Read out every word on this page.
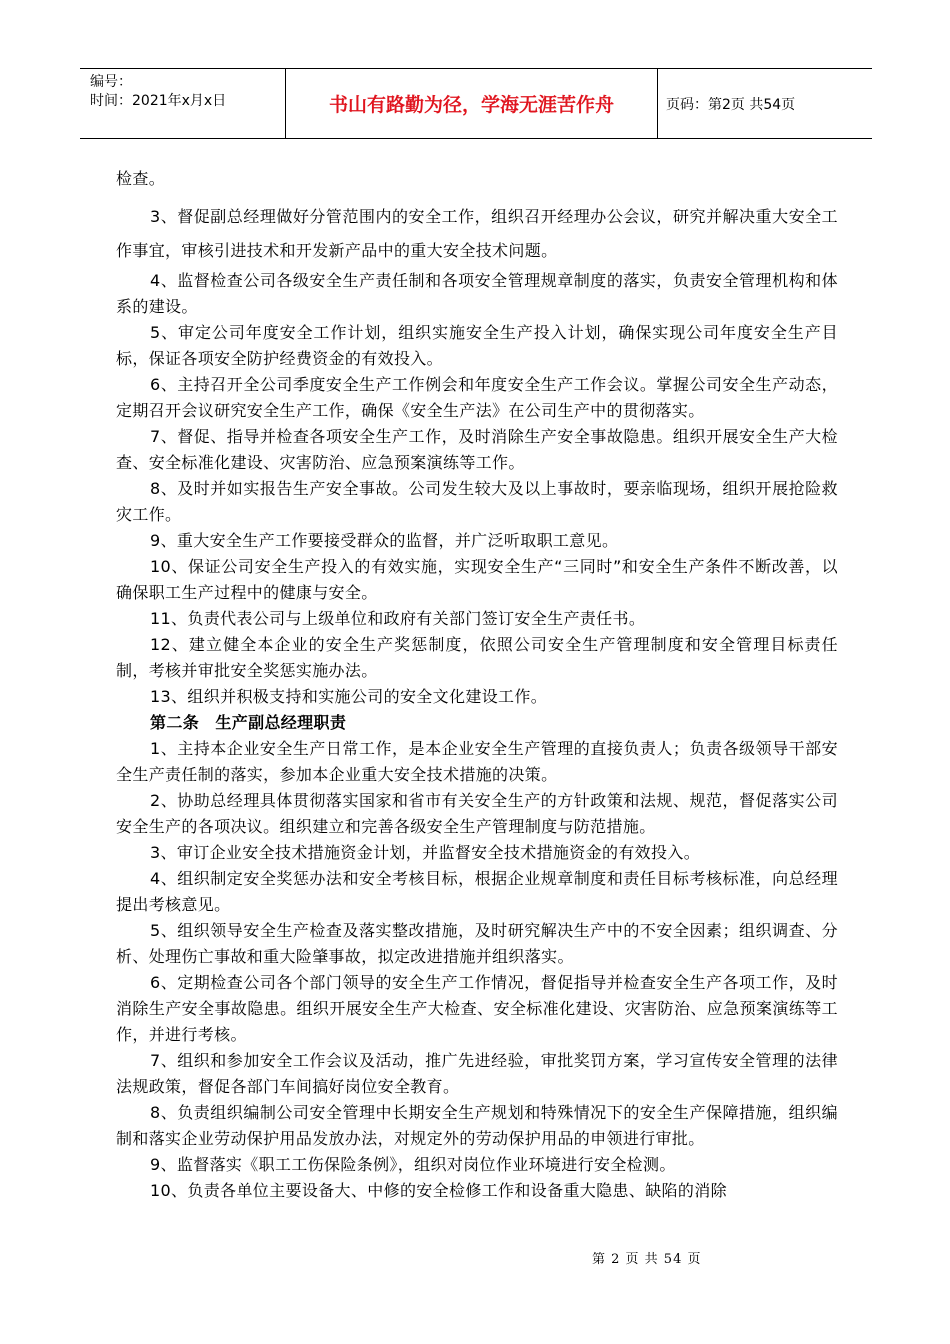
编号：
时间：2021年x月x日	书山有路勤为径，学海无涯苦作舟	页码：第2页 共54页

检查。

3、督促副总经理做好分管范围内的安全工作，组织召开经理办公会议，研究并解决重大安全工作事宜，审核引进技术和开发新产品中的重大安全技术问题。

4、监督检查公司各级安全生产责任制和各项安全管理规章制度的落实，负责安全管理机构和体系的建设。

5、审定公司年度安全工作计划，组织实施安全生产投入计划，确保实现公司年度安全生产目标，保证各项安全防护经费资金的有效投入。

6、主持召开全公司季度安全生产工作例会和年度安全生产工作会议。掌握公司安全生产动态，定期召开会议研究安全生产工作，确保《安全生产法》在公司生产中的贯彻落实。

7、督促、指导并检查各项安全生产工作，及时消除生产安全事故隐患。组织开展安全生产大检查、安全标准化建设、灾害防治、应急预案演练等工作。

8、及时并如实报告生产安全事故。公司发生较大及以上事故时，要亲临现场，组织开展抢险救灾工作。

9、重大安全生产工作要接受群众的监督，并广泛听取职工意见。

10、保证公司安全生产投入的有效实施，实现安全生产“三同时”和安全生产条件不断改善，以确保职工生产过程中的健康与安全。

11、负责代表公司与上级单位和政府有关部门签订安全生产责任书。

12、建立健全本企业的安全生产奖惩制度，依照公司安全生产管理制度和安全管理目标责任制，考核并审批安全奖惩实施办法。

13、组织并积极支持和实施公司的安全文化建设工作。

第二条　生产副总经理职责

1、主持本企业安全生产日常工作，是本企业安全生产管理的直接负责人；负责各级领导干部安全生产责任制的落实，参加本企业重大安全技术措施的决策。

2、协助总经理具体贯彻落实国家和省市有关安全生产的方针政策和法规、规范，督促落实公司安全生产的各项决议。组织建立和完善各级安全生产管理制度与防范措施。

3、审订企业安全技术措施资金计划，并监督安全技术措施资金的有效投入。

4、组织制定安全奖惩办法和安全考核目标，根据企业规章制度和责任目标考核标准，向总经理提出考核意见。

5、组织领导安全生产检查及落实整改措施，及时研究解决生产中的不安全因素；组织调查、分析、处理伤亡事故和重大险肇事故，拟定改进措施并组织落实。

6、定期检查公司各个部门领导的安全生产工作情况，督促指导并检查安全生产各项工作，及时消除生产安全事故隐患。组织开展安全生产大检查、安全标准化建设、灾害防治、应急预案演练等工作，并进行考核。

7、组织和参加安全工作会议及活动，推广先进经验，审批奖罚方案，学习宣传安全管理的法律法规政策，督促各部门车间搞好岗位安全教育。

8、负责组织编制公司安全管理中长期安全生产规划和特殊情况下的安全生产保障措施，组织编制和落实企业劳动保护用品发放办法，对规定外的劳动保护用品的申领进行审批。

9、监督落实《职工工伤保险条例》，组织对岗位作业环境进行安全检测。

10、负责各单位主要设备大、中修的安全检修工作和设备重大隐患、缺陷的消除

第 2 页 共 54 页
